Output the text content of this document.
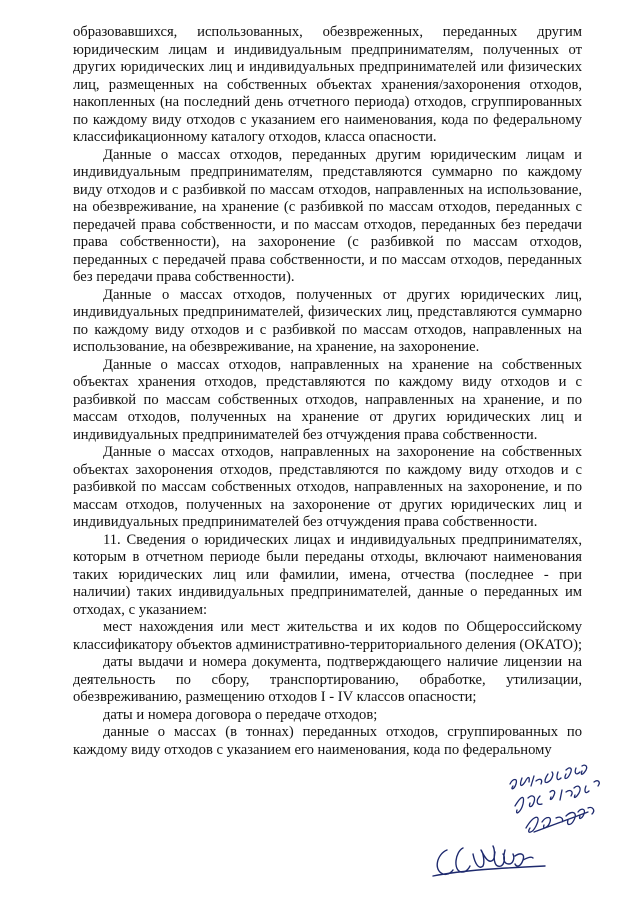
образовавшихся, использованных, обезвреженных, переданных другим юридическим лицам и индивидуальным предпринимателям, полученных от других юридических лиц и индивидуальных предпринимателей или физических лиц, размещенных на собственных объектах хранения/захоронения отходов, накопленных (на последний день отчетного периода) отходов, сгруппированных по каждому виду отходов с указанием его наименования, кода по федеральному классификационному каталогу отходов, класса опасности.

Данные о массах отходов, переданных другим юридическим лицам и индивидуальным предпринимателям, представляются суммарно по каждому виду отходов и с разбивкой по массам отходов, направленных на использование, на обезвреживание, на хранение (с разбивкой по массам отходов, переданных с передачей права собственности, и по массам отходов, переданных без передачи права собственности), на захоронение (с разбивкой по массам отходов, переданных с передачей права собственности, и по массам отходов, переданных без передачи права собственности).

Данные о массах отходов, полученных от других юридических лиц, индивидуальных предпринимателей, физических лиц, представляются суммарно по каждому виду отходов и с разбивкой по массам отходов, направленных на использование, на обезвреживание, на хранение, на захоронение.

Данные о массах отходов, направленных на хранение на собственных объектах хранения отходов, представляются по каждому виду отходов и с разбивкой по массам собственных отходов, направленных на хранение, и по массам отходов, полученных на хранение от других юридических лиц и индивидуальных предпринимателей без отчуждения права собственности.

Данные о массах отходов, направленных на захоронение на собственных объектах захоронения отходов, представляются по каждому виду отходов и с разбивкой по массам собственных отходов, направленных на захоронение, и по массам отходов, полученных на захоронение от других юридических лиц и индивидуальных предпринимателей без отчуждения права собственности.

11. Сведения о юридических лицах и индивидуальных предпринимателях, которым в отчетном периоде были переданы отходы, включают наименования таких юридических лиц или фамилии, имена, отчества (последнее - при наличии) таких индивидуальных предпринимателей, данные о переданных им отходах, с указанием:

мест нахождения или мест жительства и их кодов по Общероссийскому классификатору объектов административно-территориального деления (ОКАТО);

даты выдачи и номера документа, подтверждающего наличие лицензии на деятельность по сбору, транспортированию, обработке, утилизации, обезвреживанию, размещению отходов I - IV классов опасности;

даты и номера договора о передаче отходов;

данные о массах (в тоннах) переданных отходов, сгруппированных по каждому виду отходов с указанием его наименования, кода по федеральному
